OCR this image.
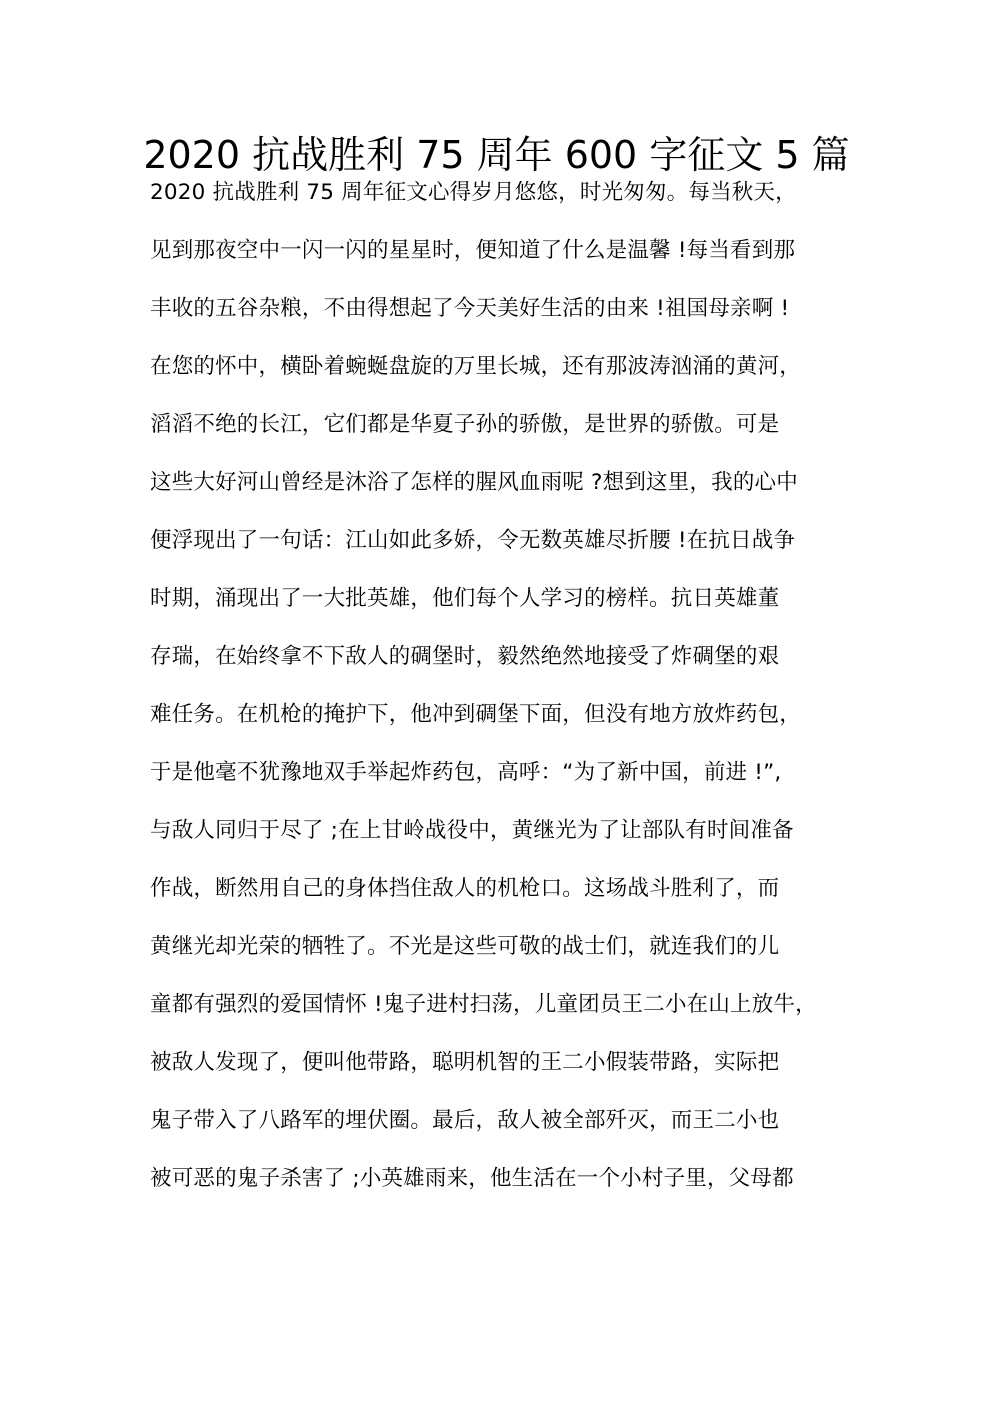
2020 抗战胜利 75 周年 600 字征文 5 篇
2020 抗战胜利 75 周年征文心得岁月悠悠，时光匆匆。每当秋天，
见到那夜空中一闪一闪的星星时，便知道了什么是温馨 !每当看到那
丰收的五谷杂粮，不由得想起了今天美好生活的由来 !祖国母亲啊 !
在您的怀中，横卧着蜿蜒盘旋的万里长城，还有那波涛汹涌的黄河，
滔滔不绝的长江，它们都是华夏子孙的骄傲，是世界的骄傲。可是
这些大好河山曾经是沐浴了怎样的腥风血雨呢 ?想到这里，我的心中
便浮现出了一句话：江山如此多娇，令无数英雄尽折腰 !在抗日战争
时期，涌现出了一大批英雄，他们每个人学习的榜样。抗日英雄董
存瑞，在始终拿不下敌人的碉堡时，毅然绝然地接受了炸碉堡的艰
难任务。在机枪的掩护下，他冲到碉堡下面，但没有地方放炸药包，
于是他毫不犹豫地双手举起炸药包，高呼：“为了新中国，前进 !”,
与敌人同归于尽了 ;在上甘岭战役中，黄继光为了让部队有时间准备
作战，断然用自己的身体挡住敌人的机枪口。这场战斗胜利了，而
黄继光却光荣的牺牲了。不光是这些可敬的战士们，就连我们的儿
童都有强烈的爱国情怀 !鬼子进村扫荡，儿童团员王二小在山上放牛，
被敌人发现了，便叫他带路，聪明机智的王二小假装带路，实际把
鬼子带入了八路军的埋伏圈。最后，敌人被全部歼灭，而王二小也
被可恶的鬼子杀害了 ;小英雄雨来，他生活在一个小村子里，父母都
